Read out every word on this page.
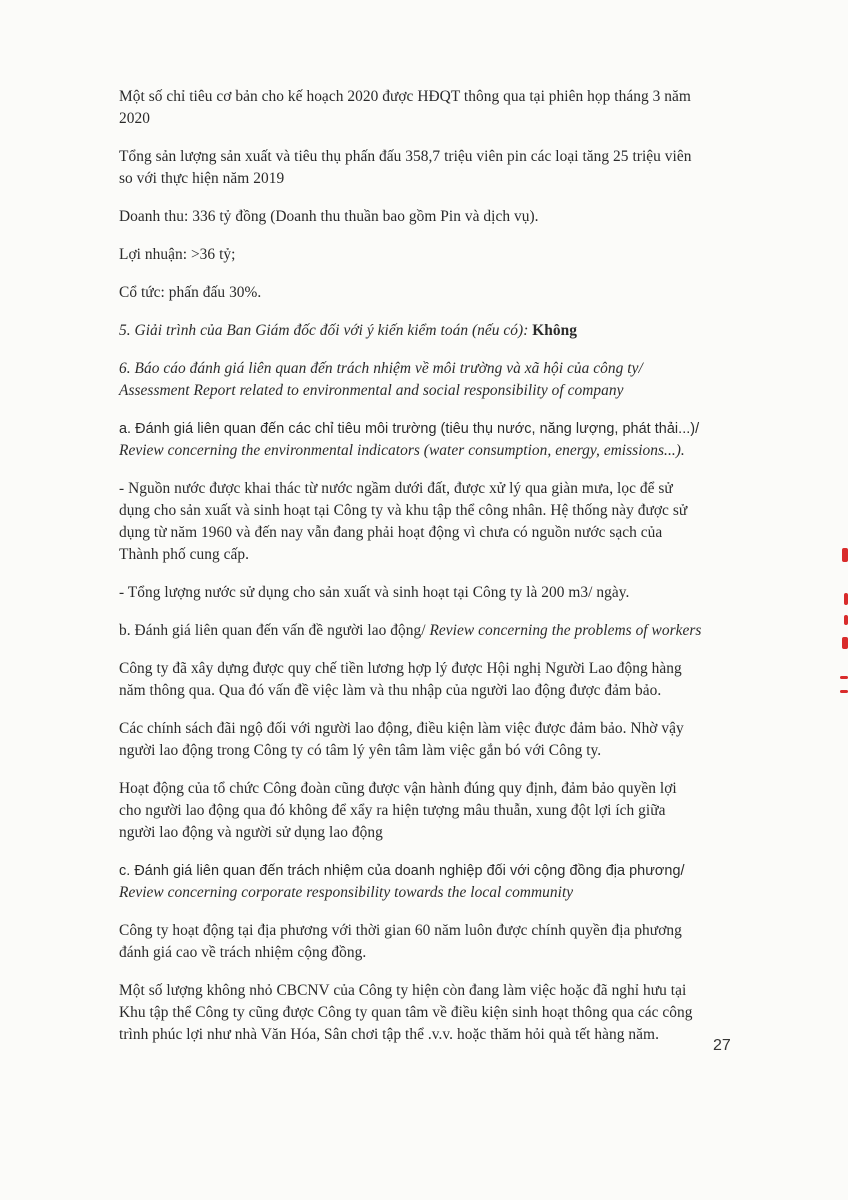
Một số chỉ tiêu cơ bản cho kế hoạch 2020 được HĐQT thông qua tại phiên họp tháng 3 năm
2020

Tổng sản lượng sản xuất và tiêu thụ phấn đấu 358,7 triệu viên pin các loại tăng 25 triệu viên
so với thực hiện năm 2019

Doanh thu: 336 tỷ đồng (Doanh thu thuần bao gồm Pin và dịch vụ).

Lợi nhuận: >36 tỷ;

Cổ tức: phấn đấu 30%.

5. Giải trình của Ban Giám đốc đối với ý kiến kiểm toán (nếu có): Không

6. Báo cáo đánh giá liên quan đến trách nhiệm về môi trường và xã hội của công ty/
Assessment Report related to environmental and social responsibility of company

a. Đánh giá liên quan đến các chỉ tiêu môi trường (tiêu thụ nước, năng lượng, phát thải...)/
Review concerning the environmental indicators (water consumption, energy, emissions...).

- Nguồn nước được khai thác từ nước ngầm dưới đất, được xử lý qua giàn mưa, lọc để sử
dụng cho sản xuất và sinh hoạt tại Công ty và khu tập thể công nhân. Hệ thống này được sử
dụng từ năm 1960 và đến nay vẫn đang phải hoạt động vì chưa có nguồn nước sạch của
Thành phố cung cấp.

- Tổng lượng nước sử dụng cho sản xuất và sinh hoạt tại Công ty là 200 m3/ ngày.

b. Đánh giá liên quan đến vấn đề người lao động/ Review concerning the problems of workers

Công ty đã xây dựng được quy chế tiền lương hợp lý được Hội nghị Người Lao động hàng
năm thông qua. Qua đó vấn đề việc làm và thu nhập của người lao động được đảm bảo.

Các chính sách đãi ngộ đối với người lao động, điều kiện làm việc được đảm bảo. Nhờ vậy
người lao động trong Công ty có tâm lý yên tâm làm việc gắn bó với Công ty.

Hoạt động của tổ chức Công đoàn cũng được vận hành đúng quy định, đảm bảo quyền lợi
cho người lao động qua đó không để xẩy ra hiện tượng mâu thuẫn, xung đột lợi ích giữa
người lao động và người sử dụng lao động

c. Đánh giá liên quan đến trách nhiệm của doanh nghiệp đối với cộng đồng địa phương/
Review concerning corporate responsibility towards the local community

Công ty hoạt động tại địa phương với thời gian 60 năm luôn được chính quyền địa phương
đánh giá cao về trách nhiệm cộng đồng.

Một số lượng không nhỏ CBCNV của Công ty hiện còn đang làm việc hoặc đã nghỉ hưu tại
Khu tập thể Công ty cũng được Công ty quan tâm về điều kiện sinh hoạt thông qua các công
trình phúc lợi như nhà Văn Hóa, Sân chơi tập thể .v.v. hoặc thăm hỏi quà tết hàng năm.

27
